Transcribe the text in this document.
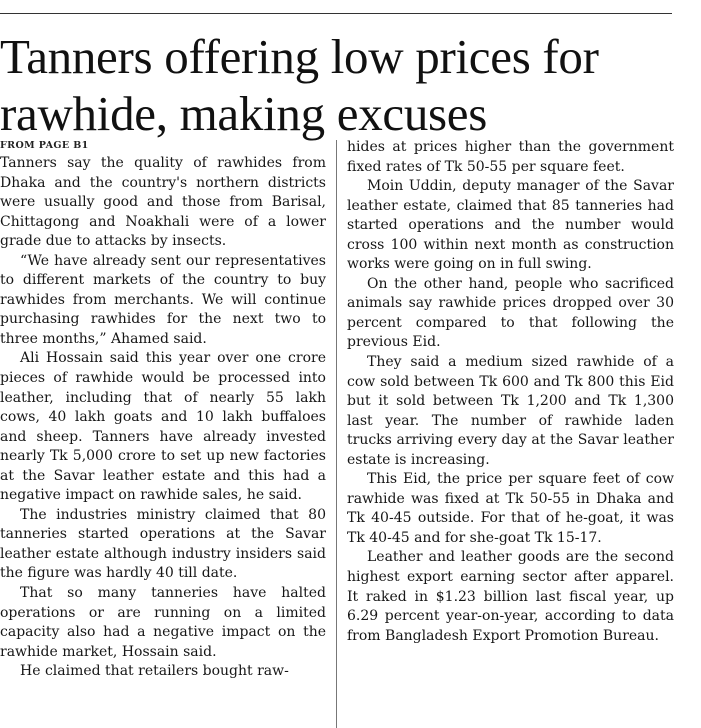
Tanners offering low prices for rawhide, making excuses
FROM PAGE B1

Tanners say the quality of rawhides from Dhaka and the country's northern districts were usually good and those from Barisal, Chittagong and Noakhali were of a lower grade due to attacks by insects.

“We have already sent our representatives to different markets of the country to buy rawhides from merchants. We will continue purchasing rawhides for the next two to three months,” Ahamed said.

Ali Hossain said this year over one crore pieces of rawhide would be processed into leather, including that of nearly 55 lakh cows, 40 lakh goats and 10 lakh buffaloes and sheep. Tanners have already invested nearly Tk 5,000 crore to set up new factories at the Savar leather estate and this had a negative impact on rawhide sales, he said.

The industries ministry claimed that 80 tanneries started operations at the Savar leather estate although industry insiders said the figure was hardly 40 till date.

That so many tanneries have halted operations or are running on a limited capacity also had a negative impact on the rawhide market, Hossain said.

He claimed that retailers bought raw-

hides at prices higher than the government fixed rates of Tk 50-55 per square feet.

Moin Uddin, deputy manager of the Savar leather estate, claimed that 85 tanneries had started operations and the number would cross 100 within next month as construction works were going on in full swing.

On the other hand, people who sacrificed animals say rawhide prices dropped over 30 percent compared to that following the previous Eid.

They said a medium sized rawhide of a cow sold between Tk 600 and Tk 800 this Eid but it sold between Tk 1,200 and Tk 1,300 last year. The number of rawhide laden trucks arriving every day at the Savar leather estate is increasing.

This Eid, the price per square feet of cow rawhide was fixed at Tk 50-55 in Dhaka and Tk 40-45 outside. For that of he-goat, it was Tk 40-45 and for she-goat Tk 15-17.

Leather and leather goods are the second highest export earning sector after apparel. It raked in $1.23 billion last fiscal year, up 6.29 percent year-on-year, according to data from Bangladesh Export Promotion Bureau.
